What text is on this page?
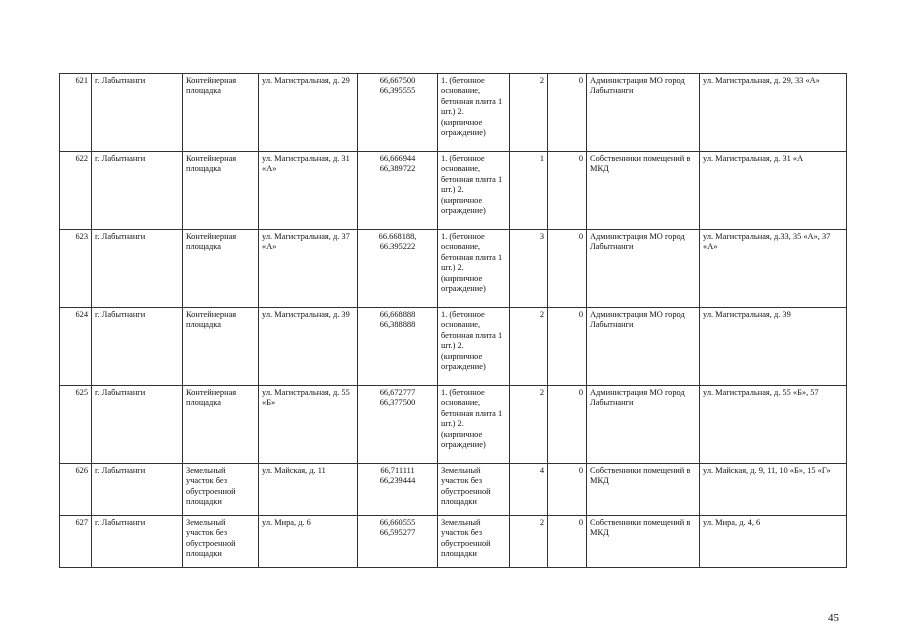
621	г. Лабытнанги	Контейнерная площадка	ул. Магистральная, д. 29	66,667500
66,395555	1. (бетонное основание, бетонная плита 1 шт.) 2. (кирпичное ограждение)	2	0	Администрация МО город Лабытнанги	ул. Магистральная, д. 29, 33 «А»
622	г. Лабытнанги	Контейнерная площадка	ул. Магистральная, д. 31 «А»	66,666944
66,389722	1. (бетонное основание, бетонная плита 1 шт.) 2. (кирпичное ограждение)	1	0	Собственники помещений в МКД	ул. Магистральная, д. 31 «А
623	г. Лабытнанги	Контейнерная площадка	ул. Магистральная, д. 37 «А»	66.668188,
66.395222	1. (бетонное основание, бетонная плита 1 шт.) 2. (кирпичное ограждение)	3	0	Администрация МО город Лабытнанги	ул. Магистральная, д.33, 35 «А», 37 «А»
624	г. Лабытнанги	Контейнерная площадка	ул. Магистральная, д. 39	66,668888
66,388888	1. (бетонное основание, бетонная плита 1 шт.) 2. (кирпичное ограждение)	2	0	Администрация МО город Лабытнанги	ул. Магистральная, д. 39
625	г. Лабытнанги	Контейнерная площадка	ул. Магистральная, д. 55 «Б»	66,672777
66,377500	1. (бетонное основание, бетонная плита 1 шт.) 2. (кирпичное ограждение)	2	0	Администрация МО город Лабытнанги	ул. Магистральная, д. 55 «Б», 57
626	г. Лабытнанги	Земельный участок без обустроенной площадки	ул. Майская, д. 11	66,711111
66,239444	Земельный участок без обустроенной площадки	4	0	Собственники помещений в МКД	ул. Майская, д. 9, 11, 10 «Б», 15 «Г»
627	г. Лабытнанги	Земельный участок без обустроенной площадки	ул. Мира, д. 6	66,660555
66,595277	Земельный участок без обустроенной площадки	2	0	Собственники помещений в МКД	ул. Мира, д. 4, 6
45
